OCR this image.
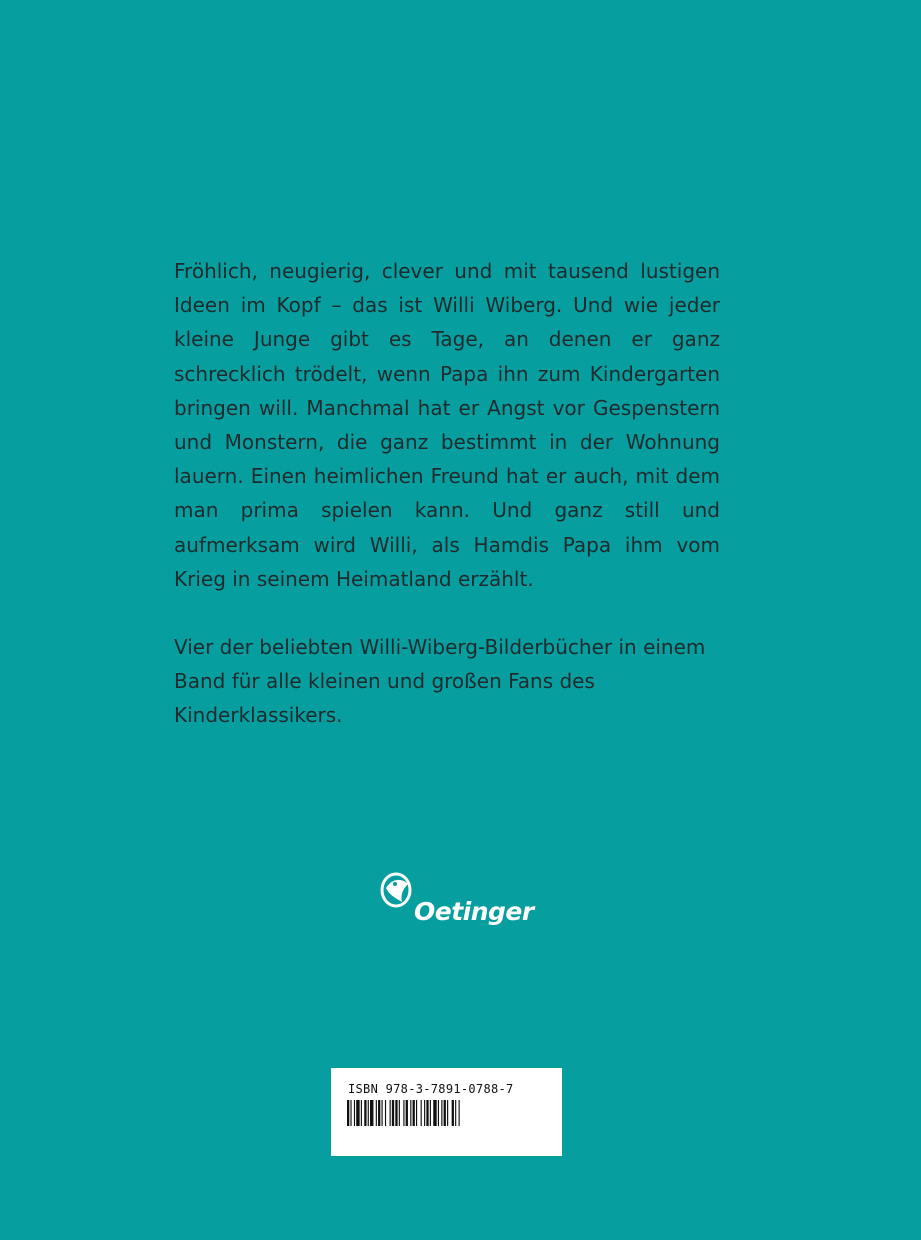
Fröhlich, neugierig, clever und mit tausend lustigen Ideen im Kopf – das ist Willi Wiberg. Und wie jeder kleine Junge gibt es Tage, an denen er ganz schrecklich trödelt, wenn Papa ihn zum Kindergarten bringen will. Manchmal hat er Angst vor Gespenstern und Monstern, die ganz bestimmt in der Wohnung lauern. Einen heimlichen Freund hat er auch, mit dem man prima spielen kann. Und ganz still und aufmerksam wird Willi, als Hamdis Papa ihm vom Krieg in seinem Heimatland erzählt.

Vier der beliebten Willi-Wiberg-Bilderbücher in einem Band für alle kleinen und großen Fans des Kinderklassikers.

Oetinger
ISBN 978-3-7891-0788-7
